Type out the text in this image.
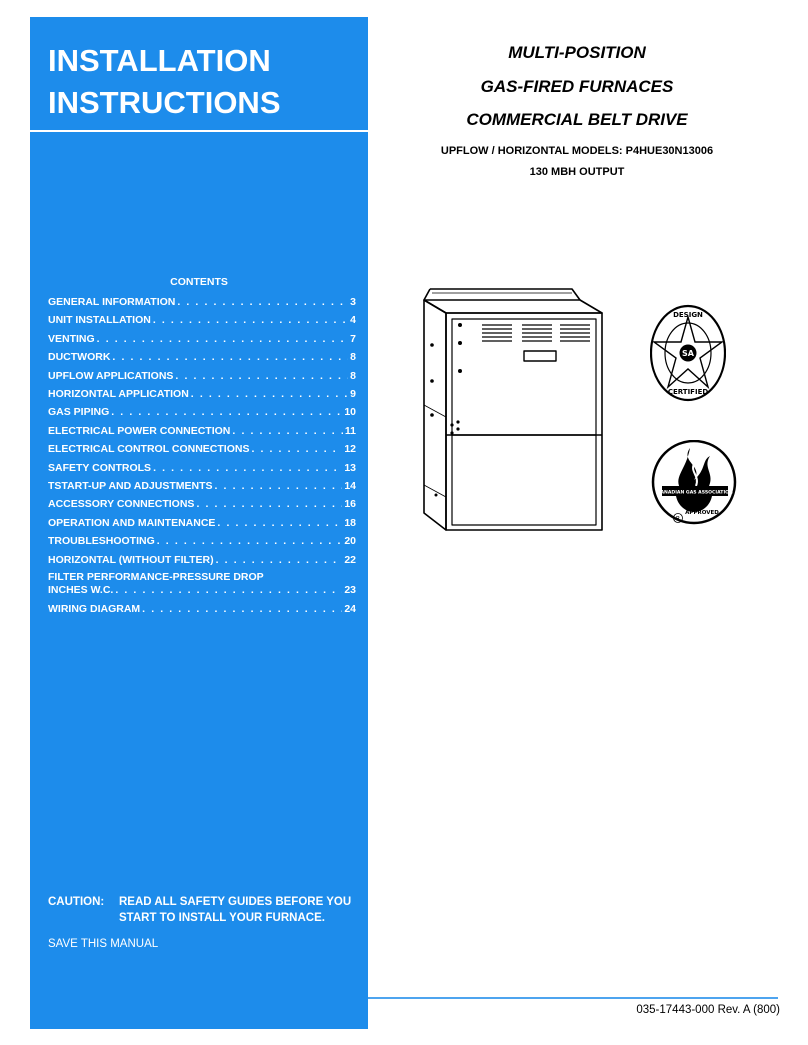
INSTALLATION
INSTRUCTIONS
CONTENTS
GENERAL INFORMATION . . .	3
UNIT INSTALLATION . . .	4
VENTING . . .	7
DUCTWORK . . .	8
UPFLOW APPLICATIONS . . .	8
HORIZONTAL APPLICATION . . .	9
GAS PIPING . . .	10
ELECTRICAL POWER CONNECTION . . .	11
ELECTRICAL CONTROL CONNECTIONS . . .	12
SAFETY CONTROLS . . .	13
TSTART-UP AND ADJUSTMENTS . . .	14
ACCESSORY CONNECTIONS . . .	16
OPERATION AND MAINTENANCE . . .	18
TROUBLESHOOTING . . .	20
HORIZONTAL (WITHOUT FILTER) . . .	22
FILTER PERFORMANCE-PRESSURE DROP
INCHES W.C. . . .	23
WIRING DIAGRAM . . .	24
CAUTION:	READ ALL SAFETY GUIDES BEFORE YOU START TO INSTALL YOUR FURNACE.
SAVE THIS MANUAL
MULTI-POSITION
GAS-FIRED FURNACES
COMMERCIAL BELT DRIVE
UPFLOW / HORIZONTAL MODELS: P4HUE30N13006
130 MBH OUTPUT
SA
DESIGN
CERTIFIED
CANADIAN GAS ASSOCIATION
APPROVED
R
035-17443-000 Rev. A (800)
